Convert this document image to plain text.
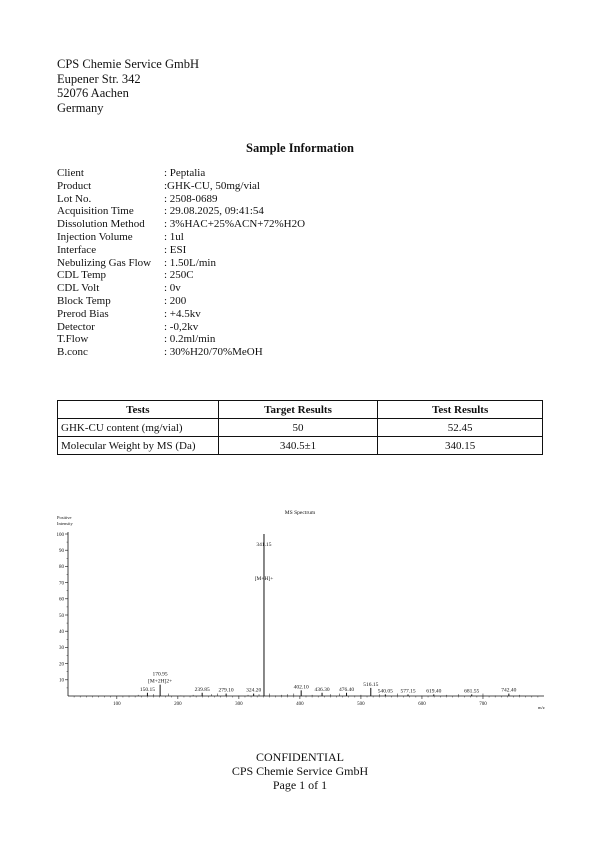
CPS Chemie Service GmbH
Eupener Str. 342
52076 Aachen
Germany
Sample Information
Client	: Peptalia
Product	:GHK-CU, 50mg/vial
Lot No.	: 2508-0689
Acquisition Time	: 29.08.2025, 09:41:54
Dissolution Method : 3%HAC+25%ACN+72%H2O
Injection Volume	: 1ul
Interface	: ESI
Nebulizing Gas Flow : 1.50L/min
CDL Temp	: 250C
CDL Volt	: 0v
Block Temp	: 200
Prerod Bias	: +4.5kv
Detector	: -0,2kv
T.Flow	: 0.2ml/min
B.conc	: 30%H20/70%MeOH
Tests	Target Results	Test Results
GHK-CU content (mg/vial)	50	52.45
Molecular Weight by MS (Da)	340.5±1	340.15
MS Spectrum
Positive Intensity
m/z
100	200	300	400	500	600	700
10
20
30
40
50
60
70
80
90
100
150.15
170.95
[M+2H]2+
239.85 279.10 324.20
341.15
[M+H]+
402.10 436.30 476.40
516.15
540.05 577.15 619.40	681.55	742.40
CONFIDENTIAL
CPS Chemie Service GmbH
Page 1 of 1
